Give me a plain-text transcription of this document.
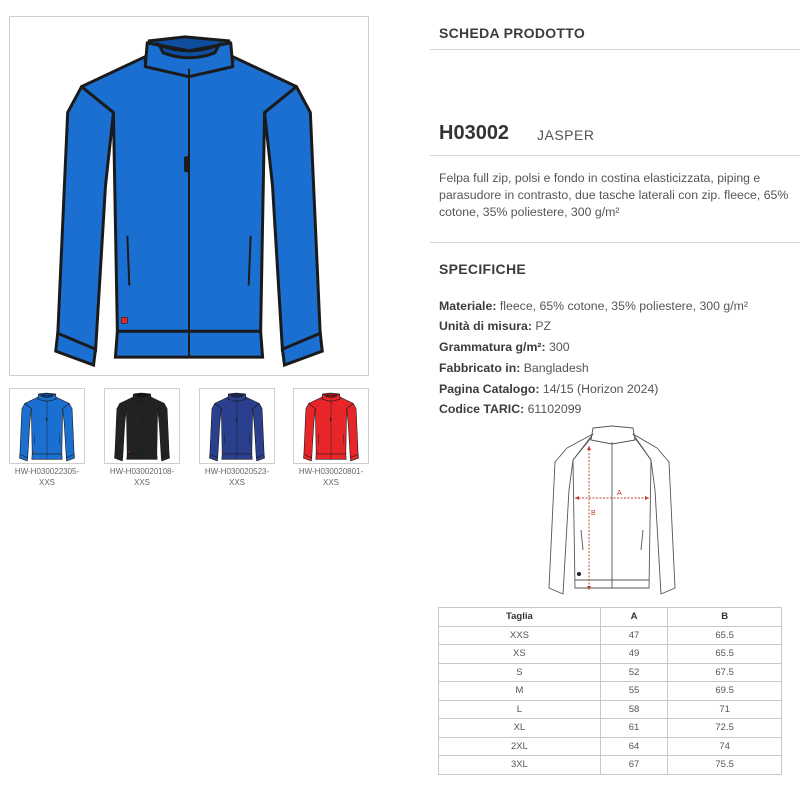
HW-H030022305-XXS
HW-H030020108-XXS
HW-H030020523-XXS
HW-H030020801-XXS
SCHEDA PRODOTTO
H03002 JASPER
Felpa full zip, polsi e fondo in costina elasticizzata, piping e parasudore in contrasto, due tasche laterali con zip. fleece, 65% cotone, 35% poliestere, 300 g/m²
SPECIFICHE
Materiale: fleece, 65% cotone, 35% poliestere, 300 g/m²
Unità di misura: PZ
Grammatura g/m²: 300
Fabbricato in: Bangladesh
Pagina Catalogo: 14/15 (Horizon 2024)
Codice TARIC: 61102099
A
B
Taglia	A	B
XXS	47	65.5
XS	49	65.5
S	52	67.5
M	55	69.5
L	58	71
XL	61	72.5
2XL	64	74
3XL	67	75.5
